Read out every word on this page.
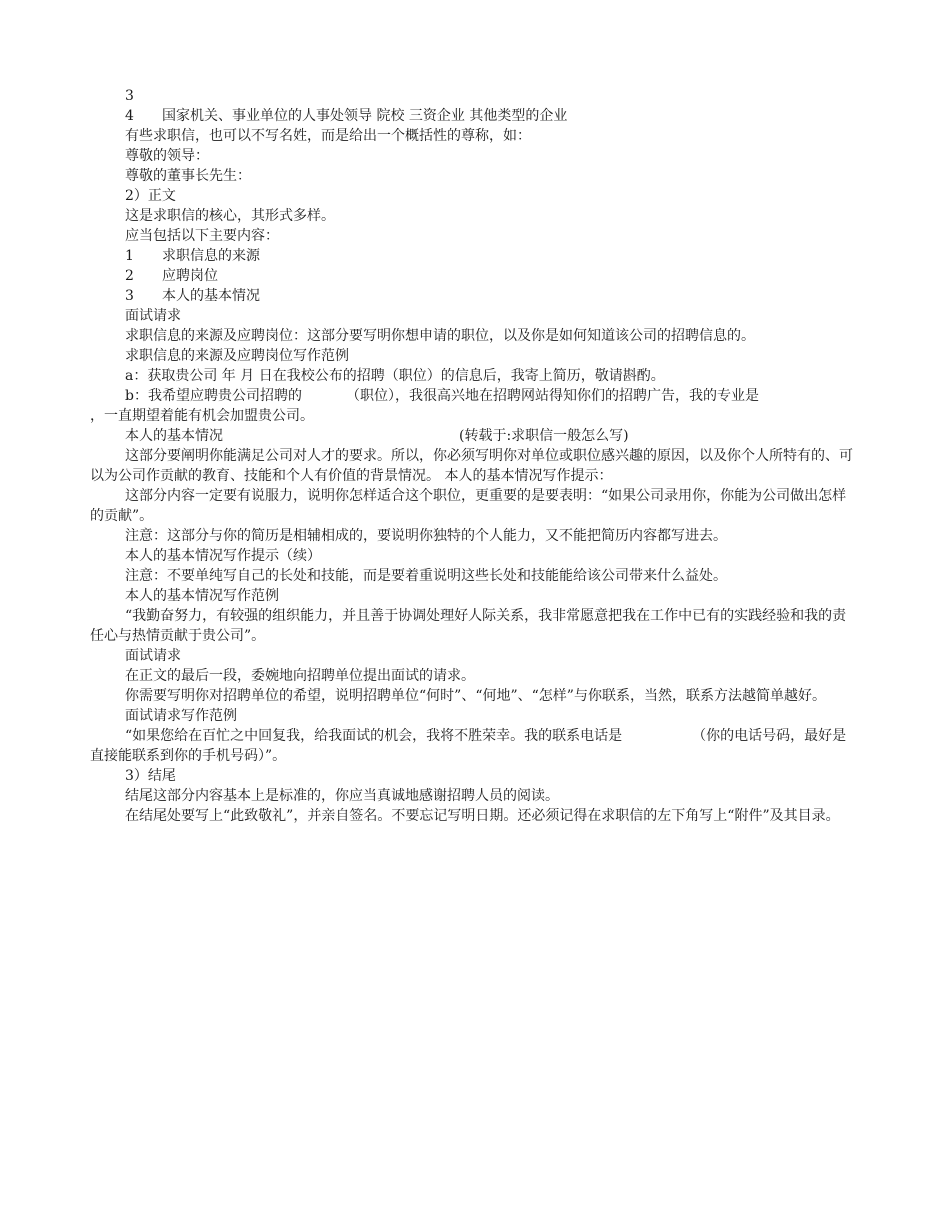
3
4 国家机关、事业单位的人事处领导 院校 三资企业 其他类型的企业
有些求职信，也可以不写名姓，而是给出一个概括性的尊称，如：
尊敬的领导：
尊敬的董事长先生：
2）正文
这是求职信的核心，其形式多样。
应当包括以下主要内容：
1 求职信息的来源
2 应聘岗位
3 本人的基本情况
面试请求
求职信息的来源及应聘岗位：这部分要写明你想申请的职位，以及你是如何知道该公司的招聘信息的。
求职信息的来源及应聘岗位写作范例
a：获取贵公司 年 月 日在我校公布的招聘（职位）的信息后，我寄上简历，敬请斟酌。
b：我希望应聘贵公司招聘的	（职位），我很高兴地在招聘网站得知你们的招聘广告，我的专业是
，一直期望着能有机会加盟贵公司。
本人的基本情况	(转载于:求职信一般怎么写)
这部分要阐明你能满足公司对人才的要求。所以，你必须写明你对单位或职位感兴趣的原因，以及你个人所特有的、可以为公司作贡献的教育、技能和个人有价值的背景情况。 本人的基本情况写作提示：
这部分内容一定要有说服力，说明你怎样适合这个职位，更重要的是要表明：“如果公司录用你，你能为公司做出怎样的贡献”。
注意：这部分与你的简历是相辅相成的，要说明你独特的个人能力，又不能把简历内容都写进去。
本人的基本情况写作提示（续）
注意：不要单纯写自己的长处和技能，而是要着重说明这些长处和技能能给该公司带来什么益处。
本人的基本情况写作范例
“我勤奋努力，有较强的组织能力，并且善于协调处理好人际关系，我非常愿意把我在工作中已有的实践经验和我的责任心与热情贡献于贵公司”。
面试请求
在正文的最后一段，委婉地向招聘单位提出面试的请求。
你需要写明你对招聘单位的希望，说明招聘单位“何时”、“何地”、“怎样”与你联系，当然，联系方法越简单越好。
面试请求写作范例
“如果您给在百忙之中回复我，给我面试的机会，我将不胜荣幸。我的联系电话是	（你的电话号码，最好是直接能联系到你的手机号码）”。
3）结尾
结尾这部分内容基本上是标准的，你应当真诚地感谢招聘人员的阅读。
在结尾处要写上“此致敬礼”，并亲自签名。不要忘记写明日期。还必须记得在求职信的左下角写上“附件”及其目录。
